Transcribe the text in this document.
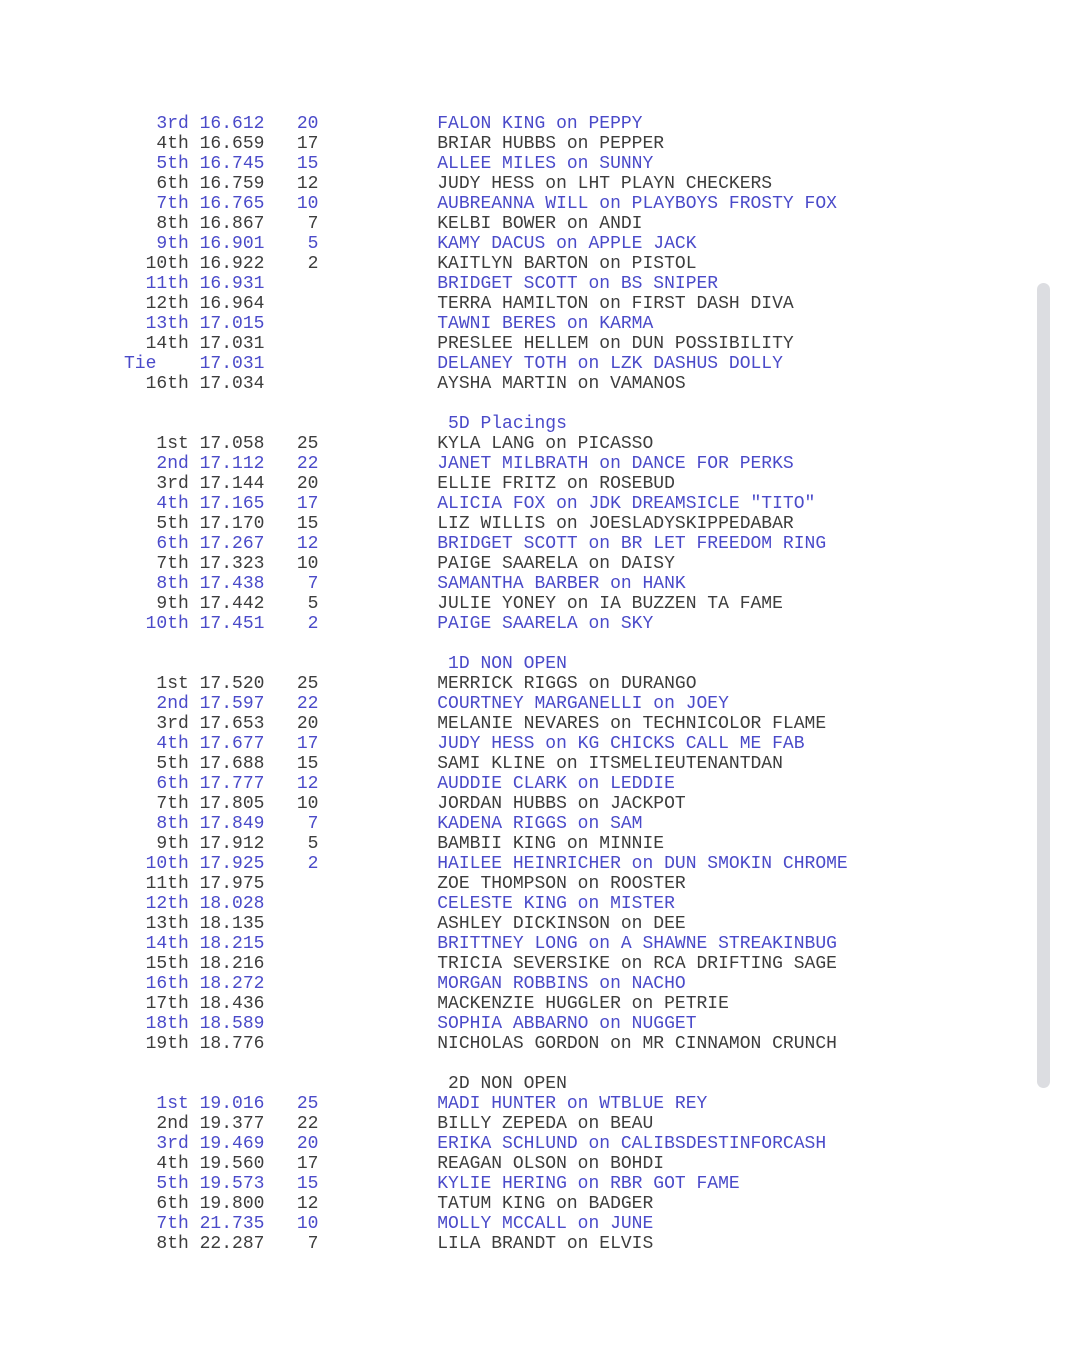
3rd 16.612   20           FALON KING on PEPPY
4th 16.659   17           BRIAR HUBBS on PEPPER
5th 16.745   15           ALLEE MILES on SUNNY
6th 16.759   12           JUDY HESS on LHT PLAYN CHECKERS
7th 16.765   10           AUBREANNA WILL on PLAYBOYS FROSTY FOX
8th 16.867    7           KELBI BOWER on ANDI
9th 16.901    5           KAMY DACUS on APPLE JACK
10th 16.922    2           KAITLYN BARTON on PISTOL
11th 16.931                BRIDGET SCOTT on BS SNIPER
12th 16.964                TERRA HAMILTON on FIRST DASH DIVA
13th 17.015                TAWNI BERES on KARMA
14th 17.031                PRESLEE HELLEM on DUN POSSIBILITY
Tie    17.031                DELANEY TOTH on LZK DASHUS DOLLY
16th 17.034                AYSHA MARTIN on VAMANOS

5D Placings
1st 17.058   25           KYLA LANG on PICASSO
2nd 17.112   22           JANET MILBRATH on DANCE FOR PERKS
3rd 17.144   20           ELLIE FRITZ on ROSEBUD
4th 17.165   17           ALICIA FOX on JDK DREAMSICLE "TITO"
5th 17.170   15           LIZ WILLIS on JOESLADYSKIPPEDABAR
6th 17.267   12           BRIDGET SCOTT on BR LET FREEDOM RING
7th 17.323   10           PAIGE SAARELA on DAISY
8th 17.438    7           SAMANTHA BARBER on HANK
9th 17.442    5           JULIE YONEY on IA BUZZEN TA FAME
10th 17.451    2           PAIGE SAARELA on SKY

1D NON OPEN
1st 17.520   25           MERRICK RIGGS on DURANGO
2nd 17.597   22           COURTNEY MARGANELLI on JOEY
3rd 17.653   20           MELANIE NEVARES on TECHNICOLOR FLAME
4th 17.677   17           JUDY HESS on KG CHICKS CALL ME FAB
5th 17.688   15           SAMI KLINE on ITSMELIEUTENANTDAN
6th 17.777   12           AUDDIE CLARK on LEDDIE
7th 17.805   10           JORDAN HUBBS on JACKPOT
8th 17.849    7           KADENA RIGGS on SAM
9th 17.912    5           BAMBII KING on MINNIE
10th 17.925    2           HAILEE HEINRICHER on DUN SMOKIN CHROME
11th 17.975                ZOE THOMPSON on ROOSTER
12th 18.028                CELESTE KING on MISTER
13th 18.135                ASHLEY DICKINSON on DEE
14th 18.215                BRITTNEY LONG on A SHAWNE STREAKINBUG
15th 18.216                TRICIA SEVERSIKE on RCA DRIFTING SAGE
16th 18.272                MORGAN ROBBINS on NACHO
17th 18.436                MACKENZIE HUGGLER on PETRIE
18th 18.589                SOPHIA ABBARNO on NUGGET
19th 18.776                NICHOLAS GORDON on MR CINNAMON CRUNCH

2D NON OPEN
1st 19.016   25           MADI HUNTER on WTBLUE REY
2nd 19.377   22           BILLY ZEPEDA on BEAU
3rd 19.469   20           ERIKA SCHLUND on CALIBSDESTINFORCASH
4th 19.560   17           REAGAN OLSON on BOHDI
5th 19.573   15           KYLIE HERING on RBR GOT FAME
6th 19.800   12           TATUM KING on BADGER
7th 21.735   10           MOLLY MCCALL on JUNE
8th 22.287    7           LILA BRANDT on ELVIS
